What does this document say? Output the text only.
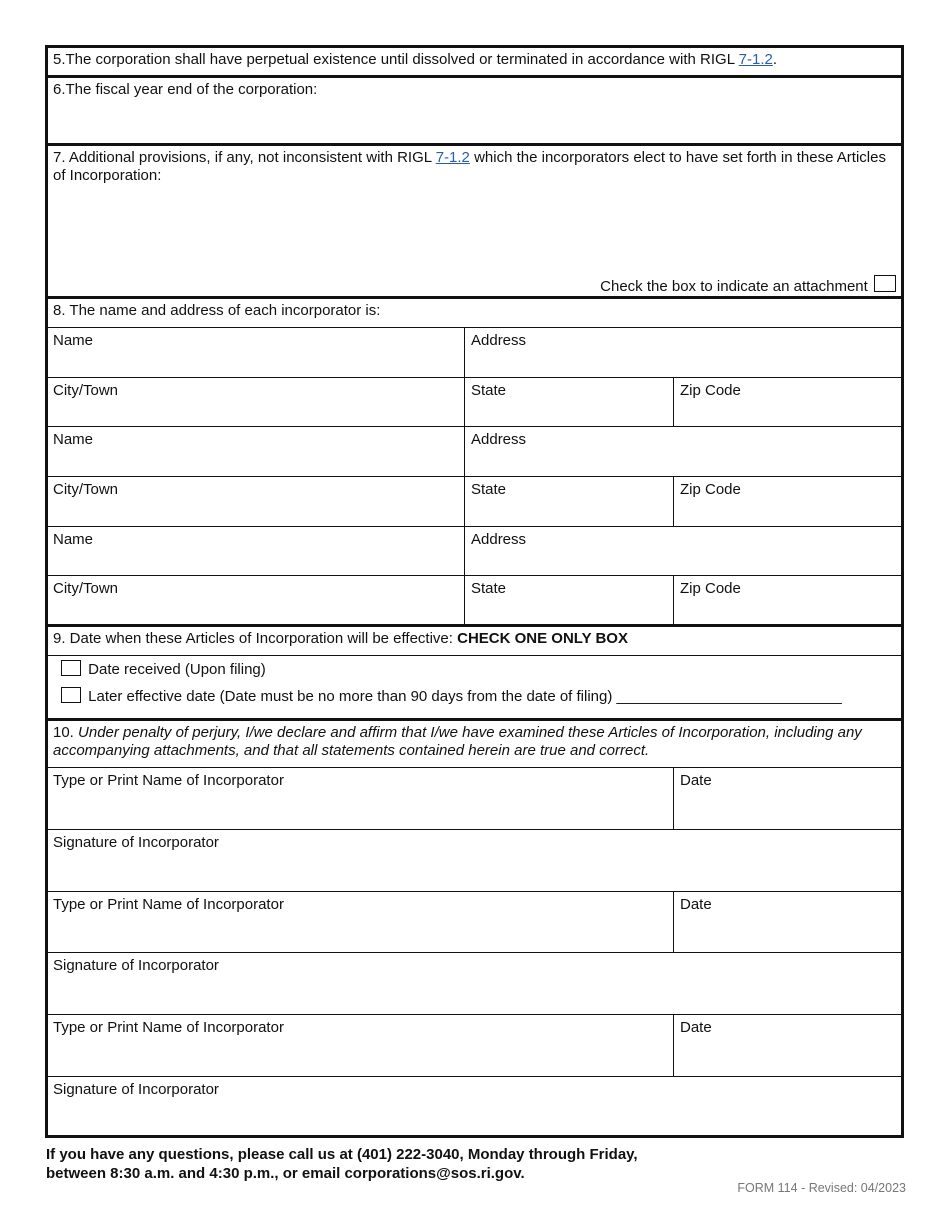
5.The corporation shall have perpetual existence until dissolved or terminated in accordance with RIGL 7-1.2.
6.The fiscal year end of the corporation:
7. Additional provisions, if any, not inconsistent with RIGL 7-1.2 which the incorporators elect to have set forth in these Articles of Incorporation:
Check the box to indicate an attachment
8. The name and address of each incorporator is:
Name	Address
City/Town	State	Zip Code
Name	Address
City/Town	State	Zip Code
Name	Address
City/Town	State	Zip Code
9. Date when these Articles of Incorporation will be effective: CHECK ONE ONLY BOX
Date received (Upon filing)
Later effective date (Date must be no more than 90 days from the date of filing) ___________________________
10. Under penalty of perjury, I/we declare and affirm that I/we have examined these Articles of Incorporation, including any accompanying attachments, and that all statements contained herein are true and correct.
Type or Print Name of Incorporator	Date
Signature of Incorporator
Type or Print Name of Incorporator	Date
Signature of Incorporator
Type or Print Name of Incorporator	Date
Signature of Incorporator
If you have any questions, please call us at (401) 222-3040, Monday through Friday,
between 8:30 a.m. and 4:30 p.m., or email corporations@sos.ri.gov.
FORM 114 - Revised: 04/2023
